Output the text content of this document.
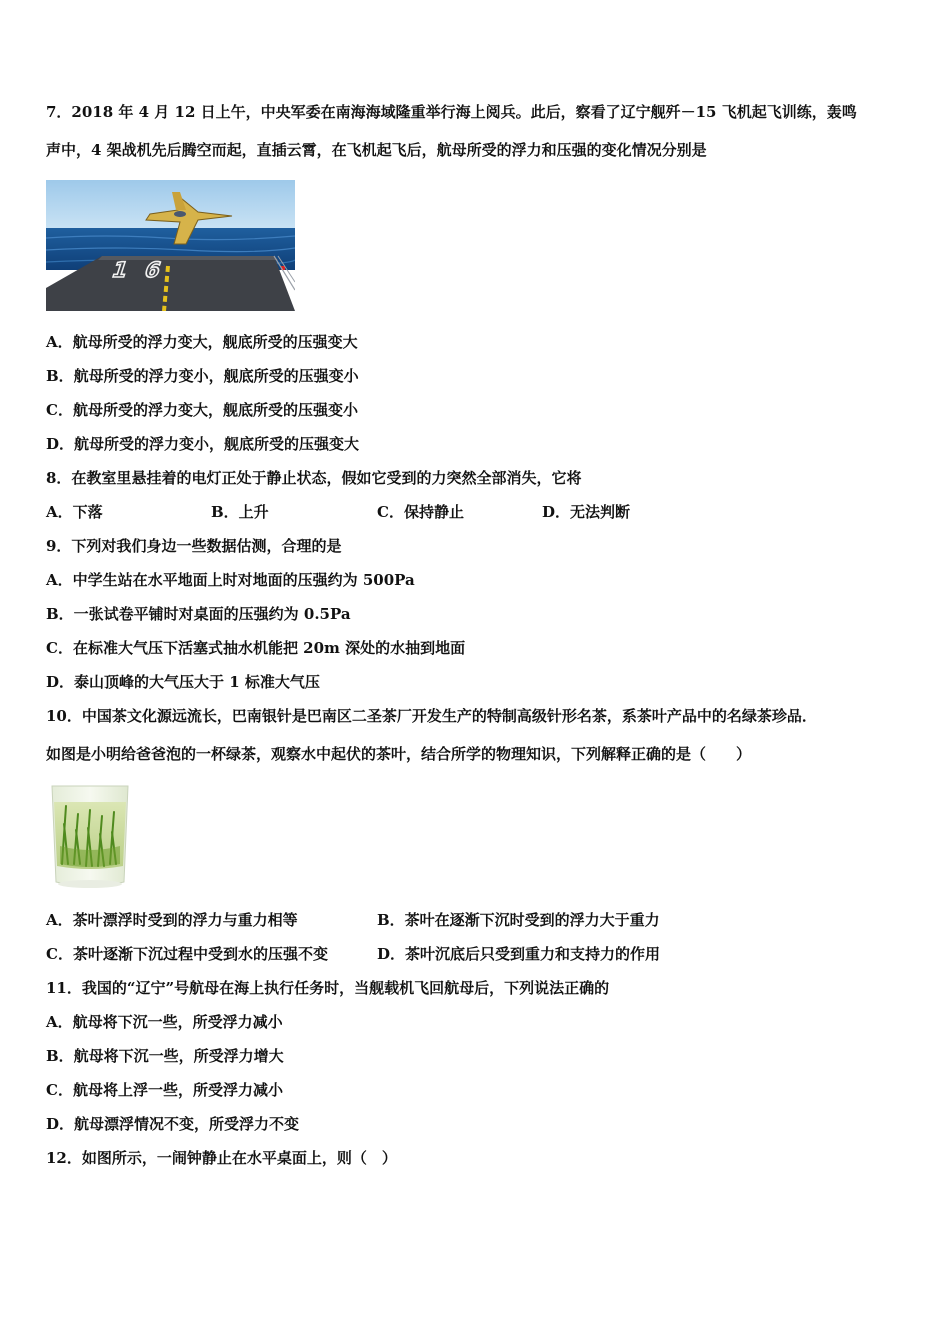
7．2018 年 4 月 12 日上午，中央军委在南海海域隆重举行海上阅兵。此后，察看了辽宁舰歼－15 飞机起飞训练，轰鸣
声中，4 架战机先后腾空而起，直插云霄，在飞机起飞后，航母所受的浮力和压强的变化情况分别是
16
A．航母所受的浮力变大，舰底所受的压强变大
B．航母所受的浮力变小，舰底所受的压强变小
C．航母所受的浮力变大，舰底所受的压强变小
D．航母所受的浮力变小，舰底所受的压强变大
8．在教室里悬挂着的电灯正处于静止状态，假如它受到的力突然全部消失，它将
A．下落	B．上升	C．保持静止	D．无法判断
9．下列对我们身边一些数据估测，合理的是
A．中学生站在水平地面上时对地面的压强约为 500Pa
B．一张试卷平铺时对桌面的压强约为 0.5Pa
C．在标准大气压下活塞式抽水机能把 20m 深处的水抽到地面
D．泰山顶峰的大气压大于 1 标准大气压
10．中国茶文化源远流长，巴南银针是巴南区二圣茶厂开发生产的特制高级针形名茶，系茶叶产品中的名绿茶珍品．
如图是小明给爸爸泡的一杯绿茶，观察水中起伏的茶叶，结合所学的物理知识，下列解释正确的是（　　）
A．茶叶漂浮时受到的浮力与重力相等	B．茶叶在逐渐下沉时受到的浮力大于重力
C．茶叶逐渐下沉过程中受到水的压强不变	D．茶叶沉底后只受到重力和支持力的作用
11．我国的“辽宁”号航母在海上执行任务时，当舰载机飞回航母后，下列说法正确的
A．航母将下沉一些，所受浮力减小
B．航母将下沉一些，所受浮力增大
C．航母将上浮一些，所受浮力减小
D．航母漂浮情况不变，所受浮力不变
12．如图所示，一闹钟静止在水平桌面上，则（　）
